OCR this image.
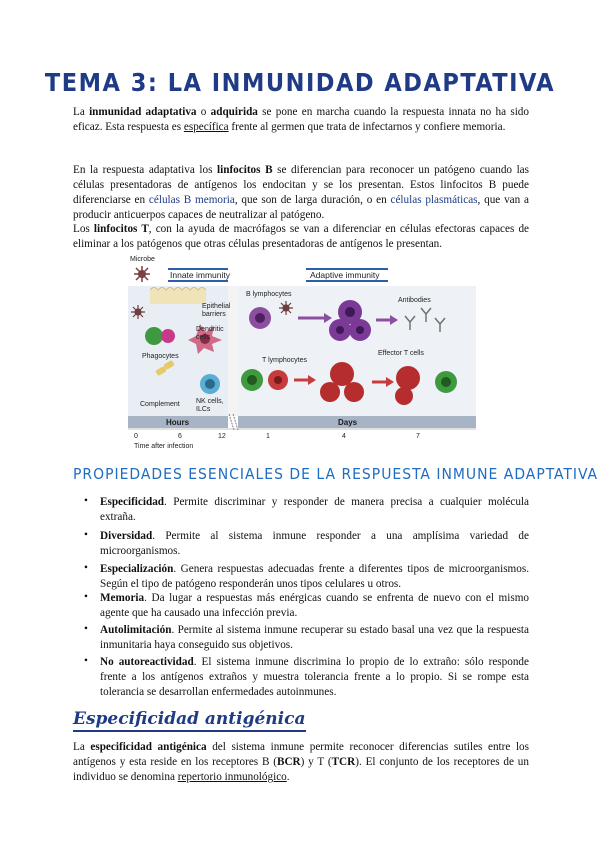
TEMA 3: LA INMUNIDAD ADAPTATIVA

La inmunidad adaptativa o adquirida se pone en marcha cuando la respuesta innata no ha sido eficaz. Esta respuesta es específica frente al germen que trata de infectarnos y confiere memoria.

En la respuesta adaptativa los linfocitos B se diferencian para reconocer un patógeno cuando las células presentadoras de antígenos los endocitan y se los presentan. Estos linfocitos B puede diferenciarse en células B memoria, que son de larga duración, o en células plasmáticas, que van a producir anticuerpos capaces de neutralizar al patógeno.

Los linfocitos T, con la ayuda de macrófagos se van a diferenciar en células efectoras capaces de eliminar a los patógenos que otras células presentadoras de antígenos le presentan.

Microbe
Innate immunity	Adaptive immunity
Epithelial
barriers
Phagocytes
Dendritic
cells
Complement NK cells,
ILCs
B lymphocytes
Antibodies
T lymphocytes
Effector T cells
Hours	Days
0	6	12	1	4	7
Time after infection
PROPIEDADES ESENCIALES DE LA RESPUESTA INMUNE ADAPTATIVA
• Especificidad. Permite discriminar y responder de manera precisa a cualquier molécula extraña.
• Diversidad. Permite al sistema inmune responder a una amplísima variedad de microorganismos.
• Especialización. Genera respuestas adecuadas frente a diferentes tipos de microorganismos. Según el tipo de patógeno responderán unos tipos celulares u otros.
• Memoria. Da lugar a respuestas más enérgicas cuando se enfrenta de nuevo con el mismo agente que ha causado una infección previa.
• Autolimitación. Permite al sistema inmune recuperar su estado basal una vez que la respuesta inmunitaria haya conseguido sus objetivos.
• No autoreactividad. El sistema inmune discrimina lo propio de lo extraño: sólo responde frente a los antígenos extraños y muestra tolerancia frente a lo propio. Si se rompe esta tolerancia se desarrollan enfermedades autoinmunes.
Especificidad antigénica

La especificidad antigénica del sistema inmune permite reconocer diferencias sutiles entre los antígenos y esta reside en los receptores B (BCR) y T (TCR). El conjunto de los receptores de un individuo se denomina repertorio inmunológico.
